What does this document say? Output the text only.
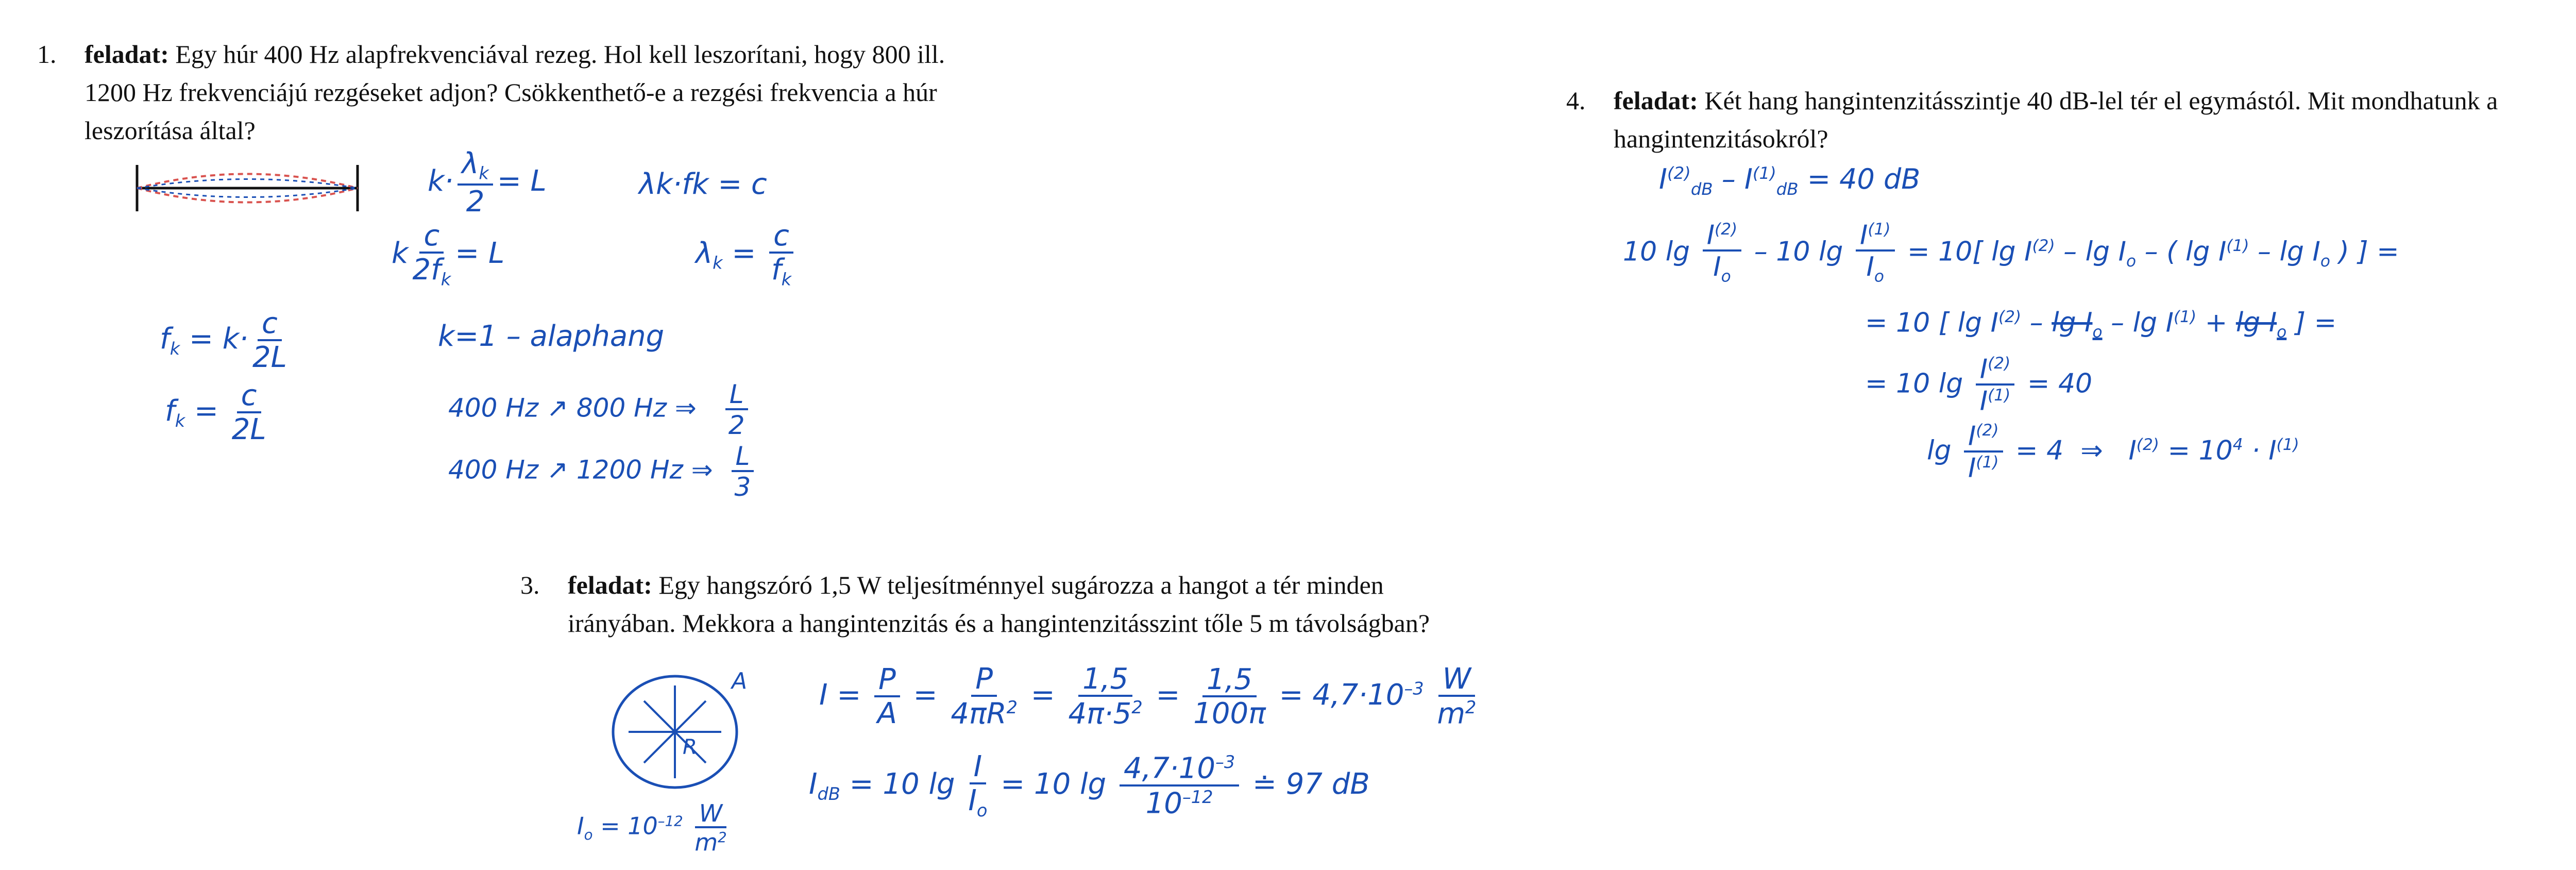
1. feladat: Egy húr 400 Hz alapfrekvenciával rezeg. Hol kell leszorítani, hogy 800 ill.
1200 Hz frekvenciájú rezgéseket adjon? Csökkenthető-e a rezgési frekvencia a húr
leszorítása által?
$k\cdot \frac{\lambda_k}{2} = L$	λk·fk = c
k $\frac{c}{2f_k} = L$	$\lambda_k = \frac{c}{f_k}$
$f_k = k\cdot \frac{c}{2L}$	k=1 – alaphang
$f_k = \frac{c}{2L}$	400 Hz ↗ 800 Hz ⇒ $\frac{L}{2}$
400 Hz ↗ 1200 Hz ⇒ $\frac{L}{3}$
3. feladat: Egy hangszóró 1,5 W teljesítménnyel sugározza a hangot a tér minden
irányában. Mekkora a hangintenzitás és a hangintenzitásszint tőle 5 m távolságban?
A
R
$I_o = 10^{-12} \frac{W}{m^2}$
$I = \frac{P}{A} = \frac{P}{4\pi R^2} = \frac{1,5}{4\pi\cdot 5^2} = \frac{1,5}{100\pi} = 4,7\cdot 10^{-3} \frac{W}{m^2}$
$I_{dB} = 10$ $\lg \frac{I}{I_o} = 10$ $\lg \frac{4,7\cdot 10^{-3}}{10^{-12}}$ ≐ 97 dB
4. feladat: Két hang hangintenzitásszintje 40 dB-lel tér el egymástól. Mit mondhatunk a
hangintenzitásokról?
$I^{(2)}_{dB} - I^{(1)}_{dB} = 40$ dB
10 $\lg \frac{I^{(2)}}{I_o} - 10$ $\lg \frac{I^{(1)}}{I_o} = 10$[ $\lg I^{(2)}$ – $\lg I_o$ – ( $\lg I^{(1)}$ – $\lg I_o$ ) ] =
= 10 [ $\lg I^{(2)} - \lg I_o - \lg I^{(1)} + \lg I_o$ ] =
= 10 $\lg \frac{I^{(2)}}{I^{(1)}} = 40$
$\lg \frac{I^{(2)}}{I^{(1)}} = 4$  ⇒   $I^{(2)} = 10^4 \cdot I^{(1)}$
